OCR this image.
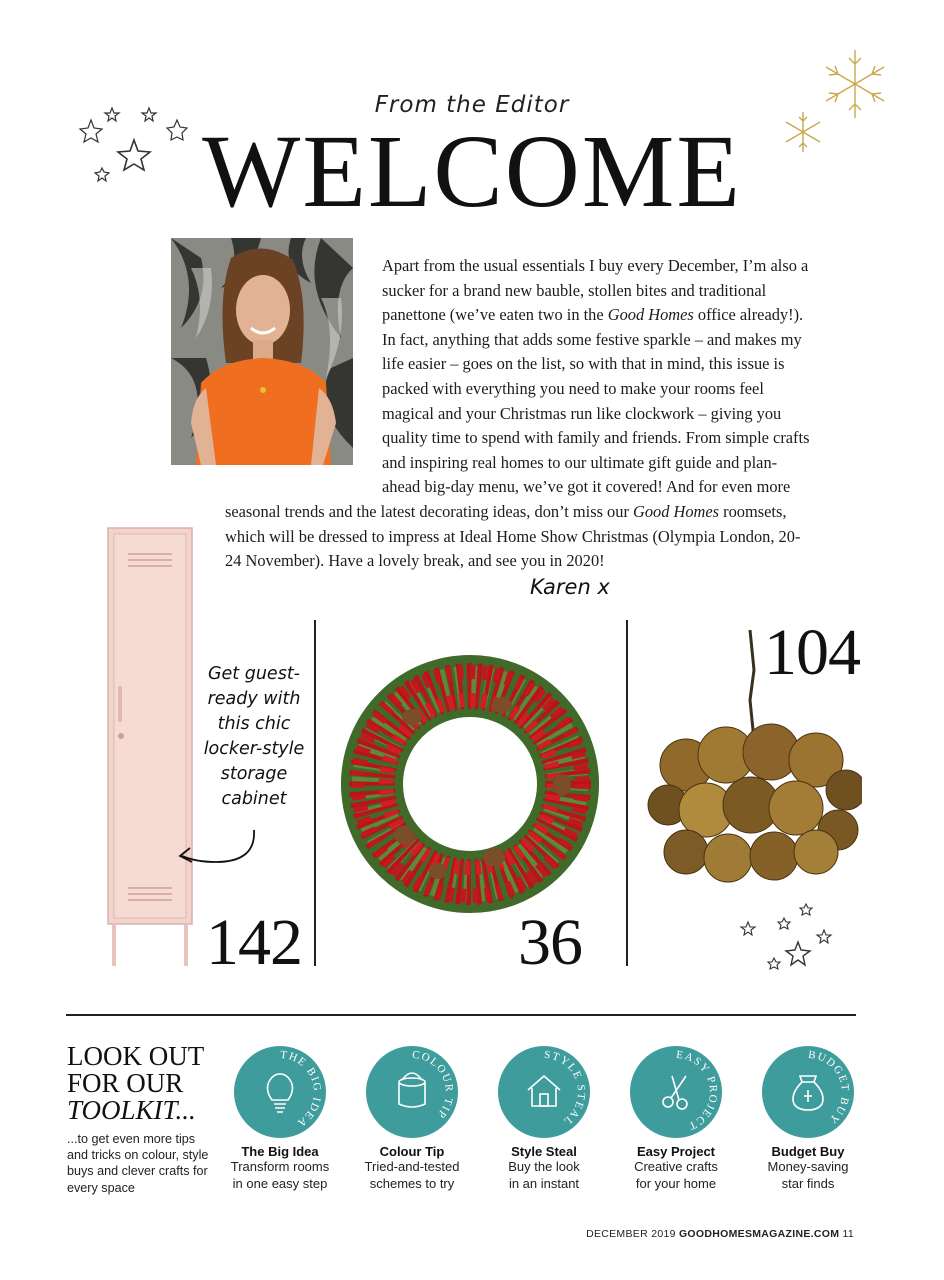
From the Editor
WELCOME
Apart from the usual essentials I buy every December, I’m also a sucker for a brand new bauble, stollen bites and traditional panettone (we’ve eaten two in the Good Homes office already!). In fact, anything that adds some festive sparkle – and makes my life easier – goes on the list, so with that in mind, this issue is packed with everything you need to make your rooms feel magical and your Christmas run like clockwork – giving you quality time to spend with family and friends. From simple crafts and inspiring real homes to our ultimate gift guide and plan-ahead big-day menu, we’ve got it covered! And for even more seasonal trends and the latest decorating ideas, don’t miss our Good Homes roomsets, which will be dressed to impress at Ideal Home Show Christmas (Olympia London, 20-24 November). Have a lovely break, and see you in 2020!
Karen x
Get guest-ready with this chic locker-style storage cabinet
142	36
104
LOOK OUT
FOR OUR
TOOLKIT...
...to get even more tips and tricks on colour, style buys and clever crafts for every space
THE BIG IDEA
The Big Idea
Transform rooms
in one easy step
COLOUR TIP
Colour Tip
Tried-and-tested
schemes to try
STYLE STEAL
Style Steal
Buy the look
in an instant
EASY PROJECT
Easy Project
Creative crafts
for your home
BUDGET BUY
Budget Buy
Money-saving
star finds
DECEMBER 2019 GOODHOMESMAGAZINE.COM 11
